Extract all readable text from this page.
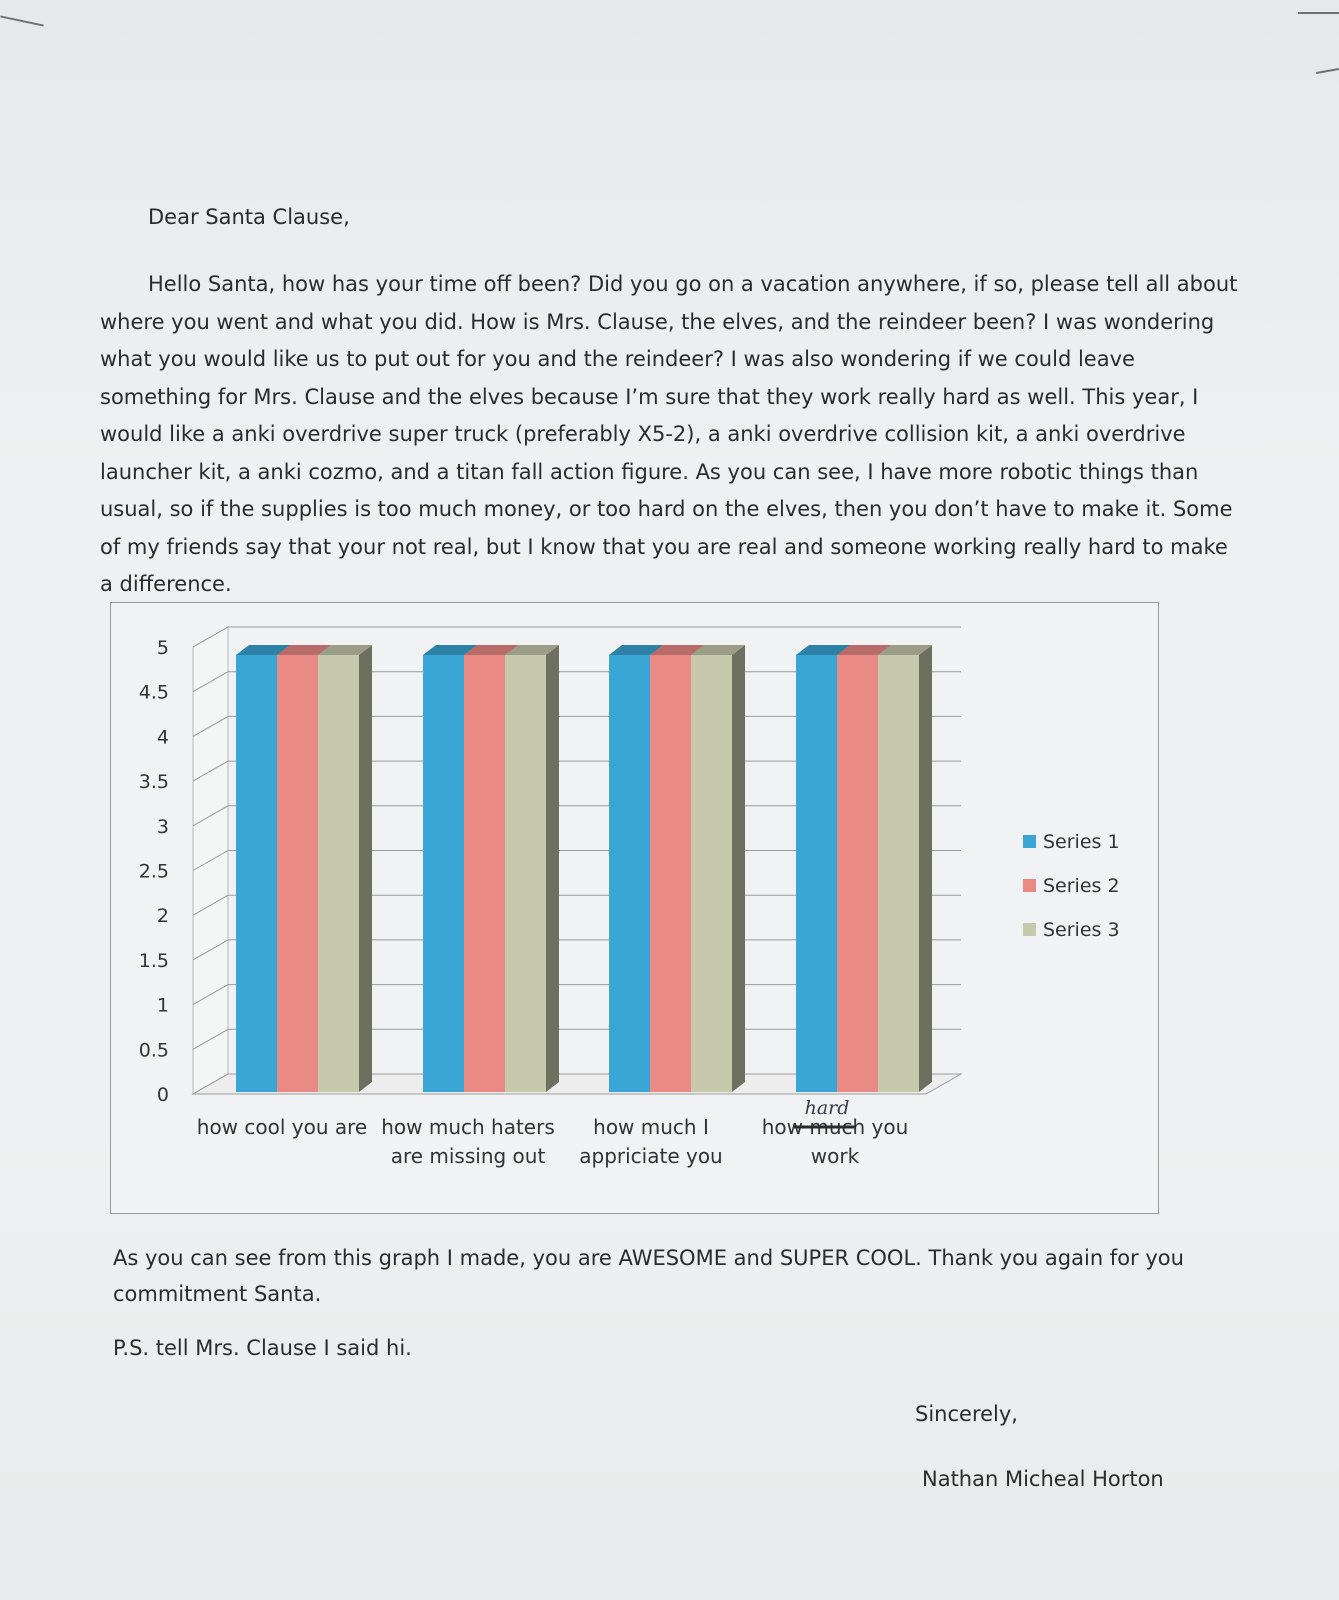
Dear Santa Clause,

Hello Santa, how has your time off been? Did you go on a vacation anywhere, if so, please tell all about where you went and what you did. How is Mrs. Clause, the elves, and the reindeer been? I was wondering what you would like us to put out for you and the reindeer? I was also wondering if we could leave something for Mrs. Clause and the elves because I’m sure that they work really hard as well. This year, I would like a anki overdrive super truck (preferably X5-2), a anki overdrive collision kit, a anki overdrive launcher kit, a anki cozmo, and a titan fall action figure. As you can see, I have more robotic things than usual, so if the supplies is too much money, or too hard on the elves, then you don’t have to make it. Some of my friends say that your not real, but I know that you are real and someone working really hard to make a difference.

0
0.5
1
1.5
2
2.5
3
3.5
4
4.5
5
how cool you are how much haters
are missing out
how much I
appriciate you
how much you
work
hard
Series 1
Series 2
Series 3

As you can see from this graph I made, you are AWESOME and SUPER COOL. Thank you again for you commitment Santa.

P.S. tell Mrs. Clause I said hi.
Sincerely,
Nathan Micheal Horton
